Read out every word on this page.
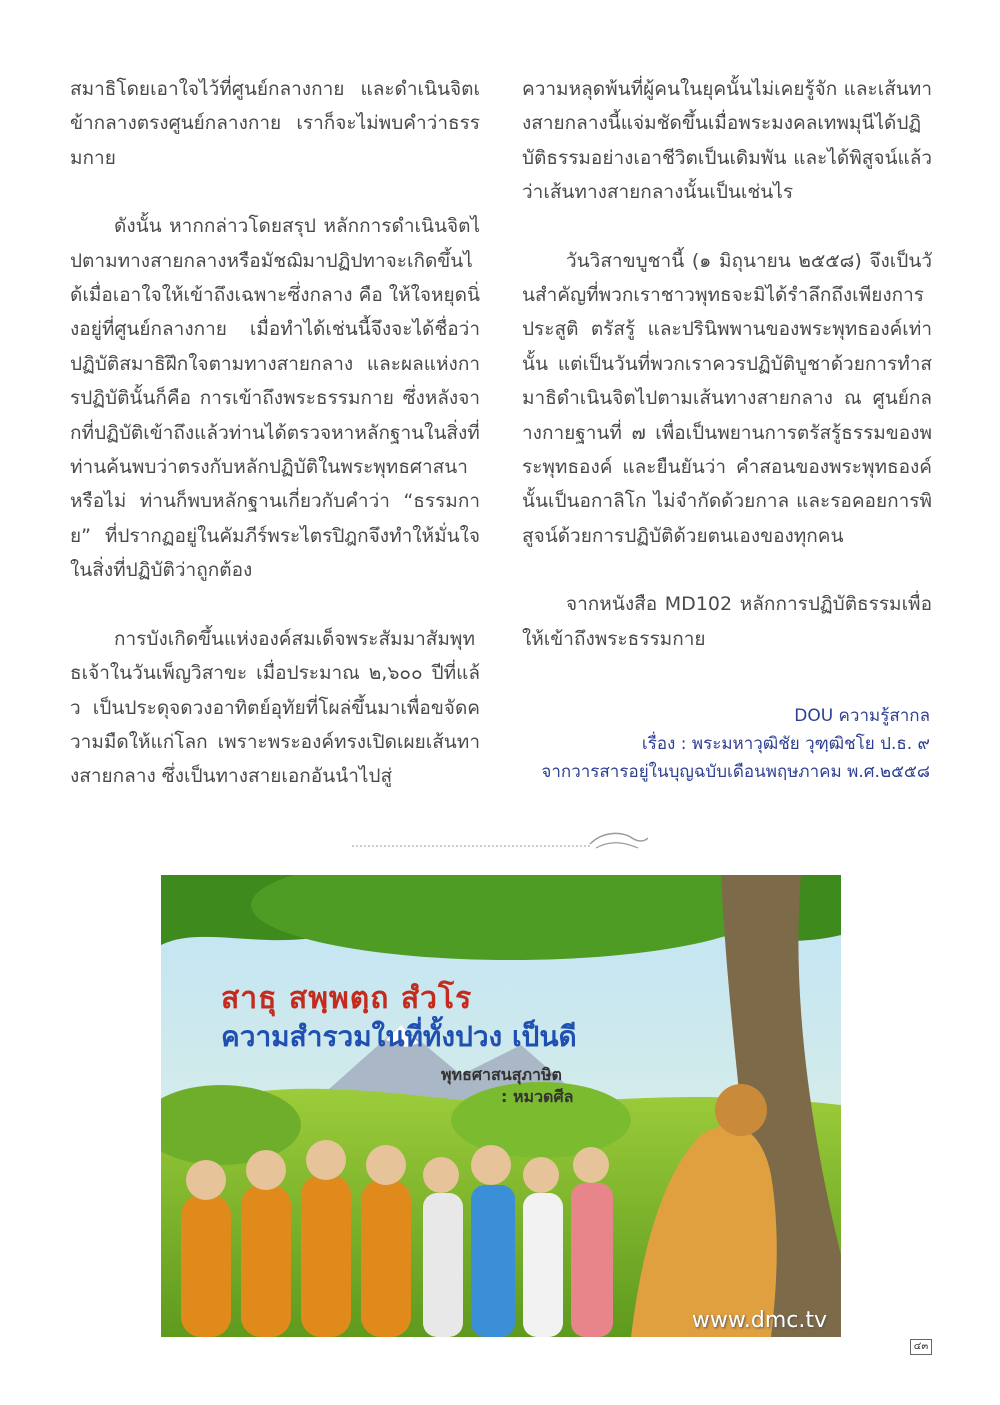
สมาธิโดยเอาใจไว้ที่ศูนย์กลางกาย และดำเนินจิตเข้ากลางตรงศูนย์กลางกาย เราก็จะไม่พบคำว่าธรรมกาย

ดังนั้น หากกล่าวโดยสรุป หลักการดำเนินจิตไปตามทางสายกลางหรือมัชฌิมาปฏิปทาจะเกิดขึ้นได้เมื่อเอาใจให้เข้าถึงเฉพาะซึ่งกลาง คือ ให้ใจหยุดนิ่งอยู่ที่ศูนย์กลางกาย เมื่อทำได้เช่นนี้จึงจะได้ชื่อว่า ปฏิบัติสมาธิฝึกใจตามทางสายกลาง และผลแห่งการปฏิบัตินั้นก็คือ การเข้าถึงพระธรรมกาย ซึ่งหลังจากที่ปฏิบัติเข้าถึงแล้วท่านได้ตรวจหาหลักฐานในสิ่งที่ท่านค้นพบว่าตรงกับหลักปฏิบัติในพระพุทธศาสนาหรือไม่ ท่านก็พบหลักฐานเกี่ยวกับคำว่า “ธรรมกาย” ที่ปรากฏอยู่ในคัมภีร์พระไตรปิฎกจึงทำให้มั่นใจในสิ่งที่ปฏิบัติว่าถูกต้อง

การบังเกิดขึ้นแห่งองค์สมเด็จพระสัมมาสัมพุทธเจ้าในวันเพ็ญวิสาขะ เมื่อประมาณ ๒,๖๐๐ ปีที่แล้ว เป็นประดุจดวงอาทิตย์อุทัยที่โผล่ขึ้นมาเพื่อขจัดความมืดให้แก่โลก เพราะพระองค์ทรงเปิดเผยเส้นทางสายกลาง ซึ่งเป็นทางสายเอกอันนำไปสู่

ความหลุดพ้นที่ผู้คนในยุคนั้นไม่เคยรู้จัก และเส้นทางสายกลางนี้แจ่มชัดขึ้นเมื่อพระมงคลเทพมุนีได้ปฏิบัติธรรมอย่างเอาชีวิตเป็นเดิมพัน และได้พิสูจน์แล้วว่าเส้นทางสายกลางนั้นเป็นเช่นไร

วันวิสาขบูชานี้ (๑ มิถุนายน ๒๕๕๘) จึงเป็นวันสำคัญที่พวกเราชาวพุทธจะมิได้รำลึกถึงเพียงการประสูติ ตรัสรู้ และปรินิพพานของพระพุทธองค์เท่านั้น แต่เป็นวันที่พวกเราควรปฏิบัติบูชาด้วยการทำสมาธิดำเนินจิตไปตามเส้นทางสายกลาง ณ ศูนย์กลางกายฐานที่ ๗ เพื่อเป็นพยานการตรัสรู้ธรรมของพระพุทธองค์ และยืนยันว่า คำสอนของพระพุทธองค์นั้นเป็นอกาลิโก ไม่จำกัดด้วยกาล และรอคอยการพิสูจน์ด้วยการปฏิบัติด้วยตนเองของทุกคน

จากหนังสือ MD102 หลักการปฏิบัติธรรมเพื่อให้เข้าถึงพระธรรมกาย

DOU ความรู้สากล
เรื่อง : พระมหาวุฒิชัย วุฑฺฒิชโย ป.ธ. ๙
จากวารสารอยู่ในบุญฉบับเดือนพฤษภาคม พ.ศ.๒๕๕๘
สาธุ สพฺพตฺถ สํวโร
ความสำรวมในที่ทั้งปวง เป็นดี
พุทธศาสนสุภาษิต
: หมวดศีล
www.dmc.tv
๔๓
